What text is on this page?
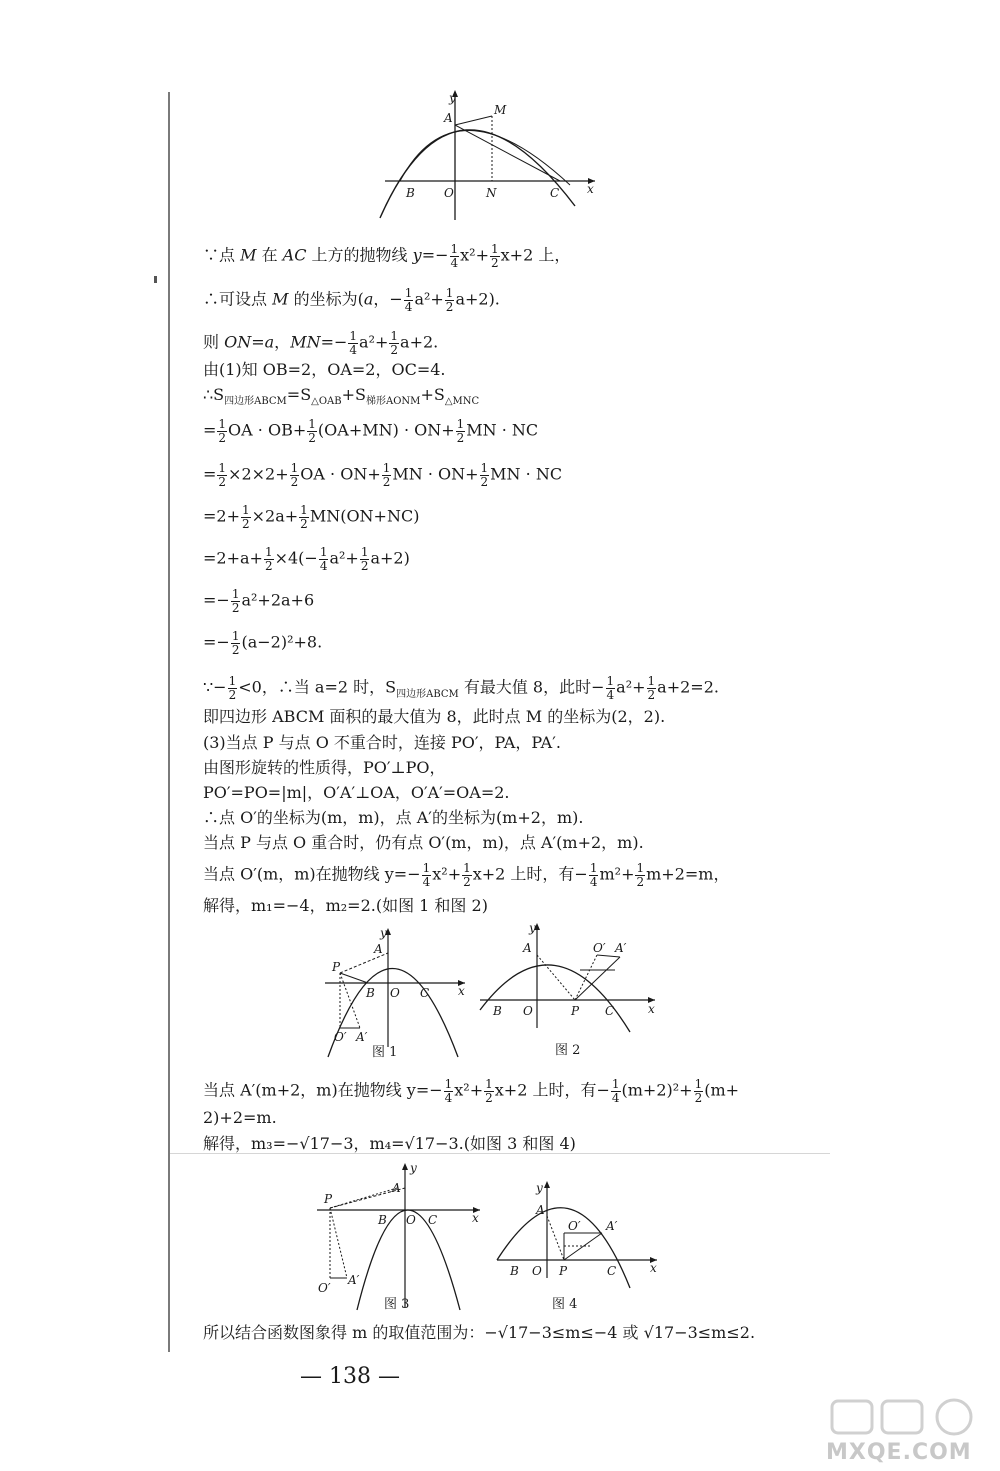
y
x
A
M
B O	N	C
∵点 M 在 AC 上方的抛物线 $y=- \frac{1}{4} x^2+ \frac{1}{2} x+2$ 上，
∴可设点 M 的坐标为(a，− $\frac{1}{4} a^2+ \frac{1}{2} a+2$).
则 ON=a，$MN=- \frac{1}{4} a^2+ \frac{1}{2} a+2$.
由(1)知 OB=2，OA=2，OC=4.
$\therefore S_{四边形ABCM}=S_{\triangle OAB}+S_{梯形AONM}+S_{\triangle MNC}$
= $\frac{1}{2}$ OA · $OB+ \frac{1}{2} (OA+MN) \cdot ON+ \frac{1}{2}$ MN · NC
= $\frac{1}{2} \times 2\times 2+ \frac{1}{2}$ OA · $ON+ \frac{1}{2}$ MN · $ON+ \frac{1}{2}$ MN · NC
$=2+ \frac{1}{2} \times 2a+ \frac{1}{2} MN(ON+NC)$
$=2+a+ \frac{1}{2} \times 4(- \frac{1}{4} a^2+ \frac{1}{2} a+2)$
=− $\frac{1}{2} a^2+2a+6$
=− $\frac{1}{2} (a-2)^2+8$.
∵− $\frac{1}{2} <0$，∴当 a=2 时，$S_{四边形ABCM}$ 有最大值 8，此时− $\frac{1}{4} a^2+ \frac{1}{2} a+2=2$.
即四边形 ABCM 面积的最大值为 8，此时点 M 的坐标为(2，2).
(3)当点 P 与点 O 不重合时，连接 PO′，PA，PA′.
由图形旋转的性质得，PO′⊥PO，
PO′=PO=|m|，O′A′⊥OA，O′A′=OA=2.
∴点 O′的坐标为(m，m)，点 A′的坐标为(m+2，m).
当点 P 与点 O 重合时，仍有点 O′(m，m)，点 A′(m+2，m).
当点 O′(m，m)在抛物线 $y=- \frac{1}{4} x^2+ \frac{1}{2} x+2$ 上时，有− $\frac{1}{4} m^2+ \frac{1}{2} m+2=m$，
解得，m₁=−4，m₂=2.(如图 1 和图 2)
y
x
A
P
B O C
O′ A′
图 1
y
x
A	O′ A′
B O	P C
图 2
当点 A′(m+2，m)在抛物线 $y=- \frac{1}{4} x^2+ \frac{1}{2} x+2$ 上时，有− $\frac{1}{4} (m+2)^2+ \frac{1}{2} (m+$
2)+2=m.
解得，m₃=−√17−3，m₄=√17−3.(如图 3 和图 4)
y
x
P
A
B O C
O′
A′
图 3
y
x
A
O′ A′
B O P	C
图 4
所以结合函数图象得 m 的取值范围为：−√17−3≤m≤−4 或 √17−3≤m≤2.
— 138 —
MXQE.COM
